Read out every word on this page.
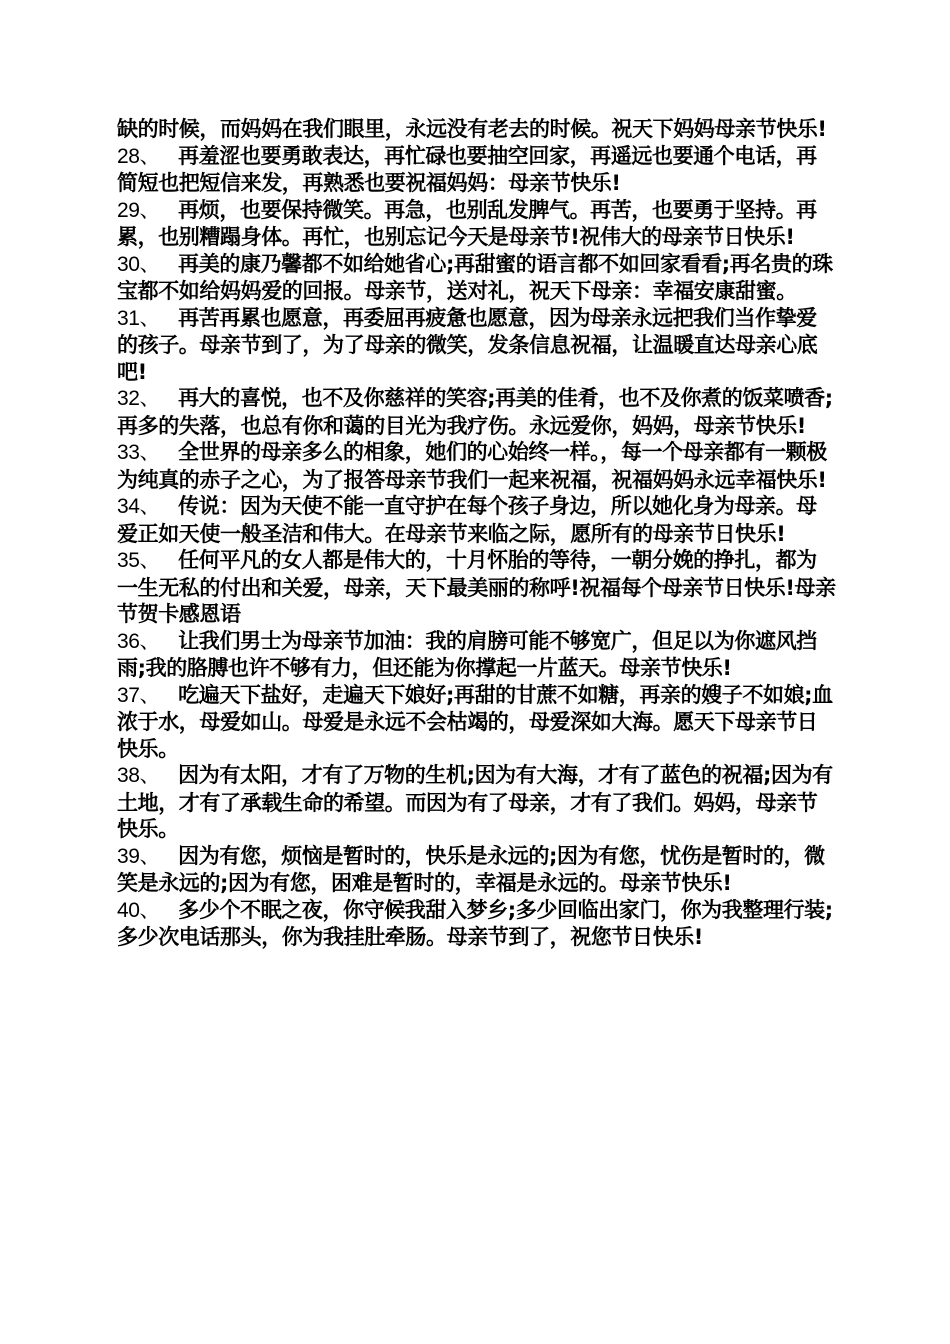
缺的时候，而妈妈在我们眼里，永远没有老去的时候。祝天下妈妈母亲节快乐!

28、 再羞涩也要勇敢表达，再忙碌也要抽空回家，再遥远也要通个电话，再简短也把短信来发，再熟悉也要祝福妈妈：母亲节快乐!

29、 再烦，也要保持微笑。再急，也别乱发脾气。再苦，也要勇于坚持。再累，也别糟蹋身体。再忙，也别忘记今天是母亲节!祝伟大的母亲节日快乐!

30、 再美的康乃馨都不如给她省心;再甜蜜的语言都不如回家看看;再名贵的珠宝都不如给妈妈爱的回报。母亲节，送对礼，祝天下母亲：幸福安康甜蜜。

31、 再苦再累也愿意，再委屈再疲惫也愿意，因为母亲永远把我们当作挚爱的孩子。母亲节到了，为了母亲的微笑，发条信息祝福，让温暖直达母亲心底吧!

32、 再大的喜悦，也不及你慈祥的笑容;再美的佳肴，也不及你煮的饭菜喷香;再多的失落，也总有你和蔼的目光为我疗伤。永远爱你，妈妈，母亲节快乐!

33、 全世界的母亲多么的相象，她们的心始终一样。，每一个母亲都有一颗极为纯真的赤子之心，为了报答母亲节我们一起来祝福，祝福妈妈永远幸福快乐!

34、 传说：因为天使不能一直守护在每个孩子身边，所以她化身为母亲。母爱正如天使一般圣洁和伟大。在母亲节来临之际，愿所有的母亲节日快乐!

35、 任何平凡的女人都是伟大的，十月怀胎的等待，一朝分娩的挣扎，都为一生无私的付出和关爱，母亲，天下最美丽的称呼!祝福每个母亲节日快乐!母亲节贺卡感恩语

36、 让我们男士为母亲节加油：我的肩膀可能不够宽广，但足以为你遮风挡雨;我的胳膊也许不够有力，但还能为你撑起一片蓝天。母亲节快乐!

37、 吃遍天下盐好，走遍天下娘好;再甜的甘蔗不如糖，再亲的嫂子不如娘;血浓于水，母爱如山。母爱是永远不会枯竭的，母爱深如大海。愿天下母亲节日快乐。

38、 因为有太阳，才有了万物的生机;因为有大海，才有了蓝色的祝福;因为有土地，才有了承载生命的希望。而因为有了母亲，才有了我们。妈妈，母亲节快乐。

39、 因为有您，烦恼是暂时的，快乐是永远的;因为有您，忧伤是暂时的，微笑是永远的;因为有您，困难是暂时的，幸福是永远的。母亲节快乐!

40、 多少个不眠之夜，你守候我甜入梦乡;多少回临出家门，你为我整理行装;多少次电话那头，你为我挂肚牵肠。母亲节到了，祝您节日快乐!
